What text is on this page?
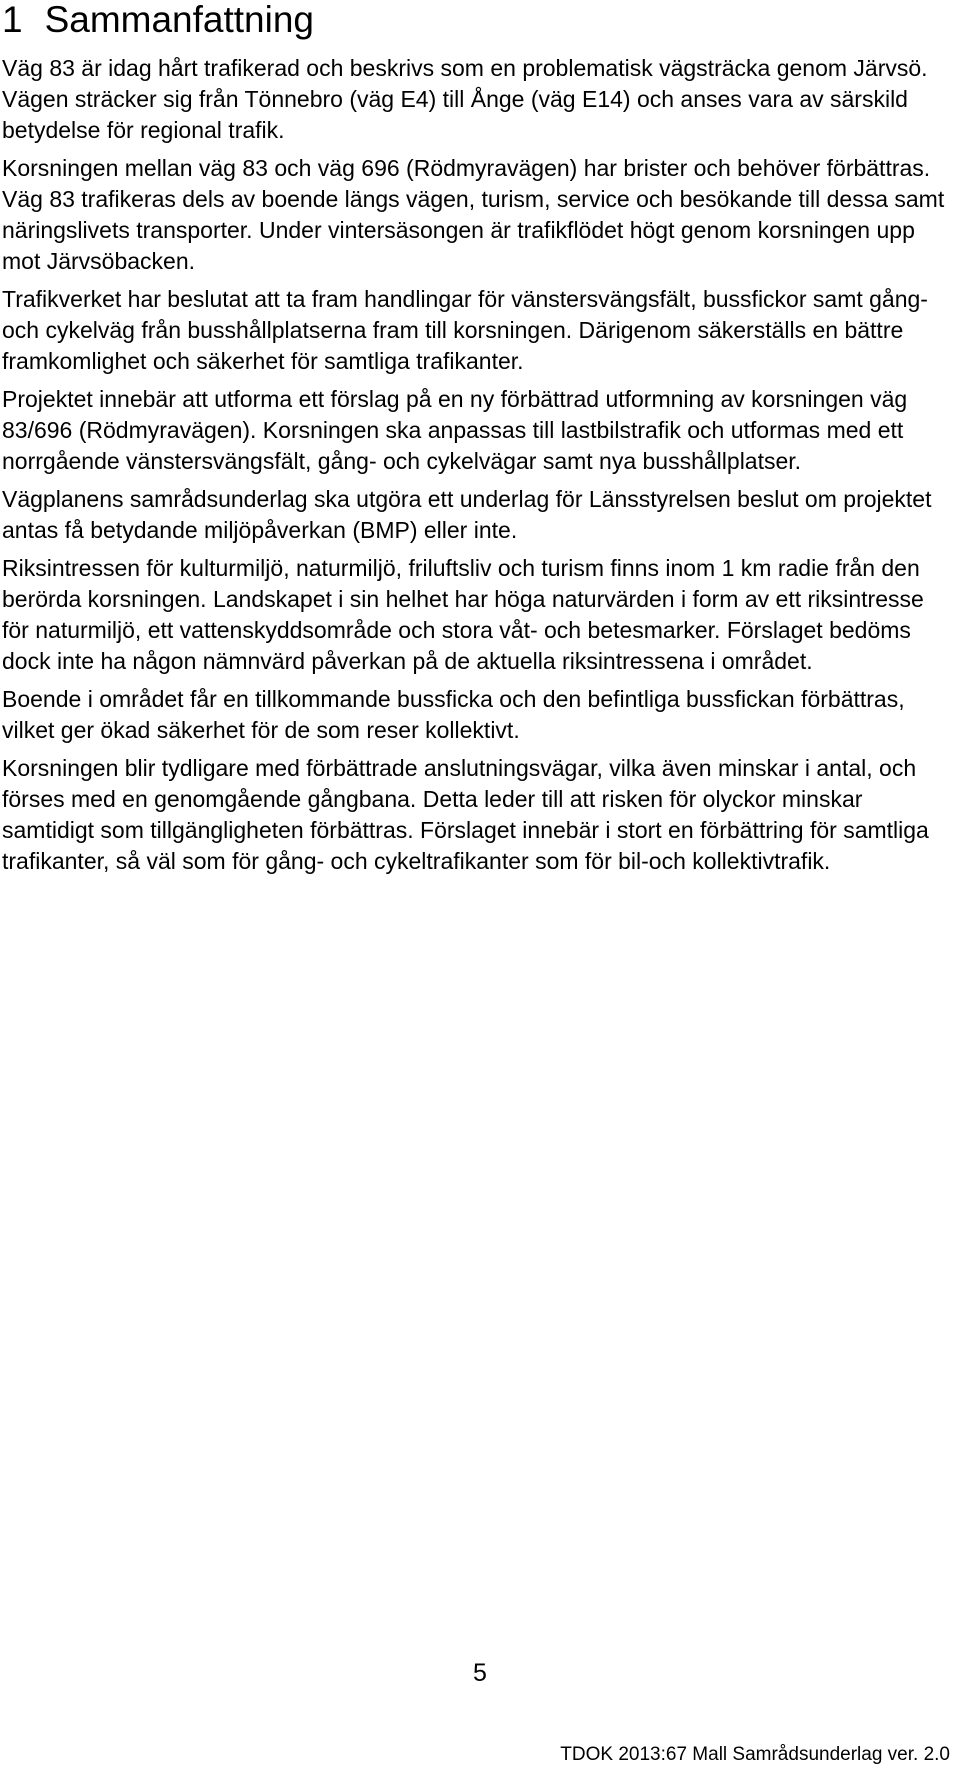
1 Sammanfattning

Väg 83 är idag hårt trafikerad och beskrivs som en problematisk vägsträcka genom Järvsö. Vägen sträcker sig från Tönnebro (väg E4) till Ånge (väg E14) och anses vara av särskild betydelse för regional trafik.

Korsningen mellan väg 83 och väg 696 (Rödmyravägen) har brister och behöver förbättras. Väg 83 trafikeras dels av boende längs vägen, turism, service och besökande till dessa samt näringslivets transporter. Under vintersäsongen är trafikflödet högt genom korsningen upp mot Järvsöbacken.

Trafikverket har beslutat att ta fram handlingar för vänstersvängsfält, bussfickor samt gång- och cykelväg från busshållplatserna fram till korsningen. Därigenom säkerställs en bättre framkomlighet och säkerhet för samtliga trafikanter.

Projektet innebär att utforma ett förslag på en ny förbättrad utformning av korsningen väg 83/696 (Rödmyravägen). Korsningen ska anpassas till lastbilstrafik och utformas med ett norrgående vänstersvängsfält, gång- och cykelvägar samt nya busshållplatser.

Vägplanens samrådsunderlag ska utgöra ett underlag för Länsstyrelsen beslut om projektet antas få betydande miljöpåverkan (BMP) eller inte.

Riksintressen för kulturmiljö, naturmiljö, friluftsliv och turism finns inom 1 km radie från den berörda korsningen. Landskapet i sin helhet har höga naturvärden i form av ett riksintresse för naturmiljö, ett vattenskyddsområde och stora våt- och betesmarker. Förslaget bedöms dock inte ha någon nämnvärd påverkan på de aktuella riksintressena i området.

Boende i området får en tillkommande bussficka och den befintliga bussfickan förbättras, vilket ger ökad säkerhet för de som reser kollektivt.

Korsningen blir tydligare med förbättrade anslutningsvägar, vilka även minskar i antal, och förses med en genomgående gångbana. Detta leder till att risken för olyckor minskar samtidigt som tillgängligheten förbättras. Förslaget innebär i stort en förbättring för samtliga trafikanter, så väl som för gång- och cykeltrafikanter som för bil-och kollektivtrafik.

5
TDOK 2013:67 Mall Samrådsunderlag ver. 2.0
